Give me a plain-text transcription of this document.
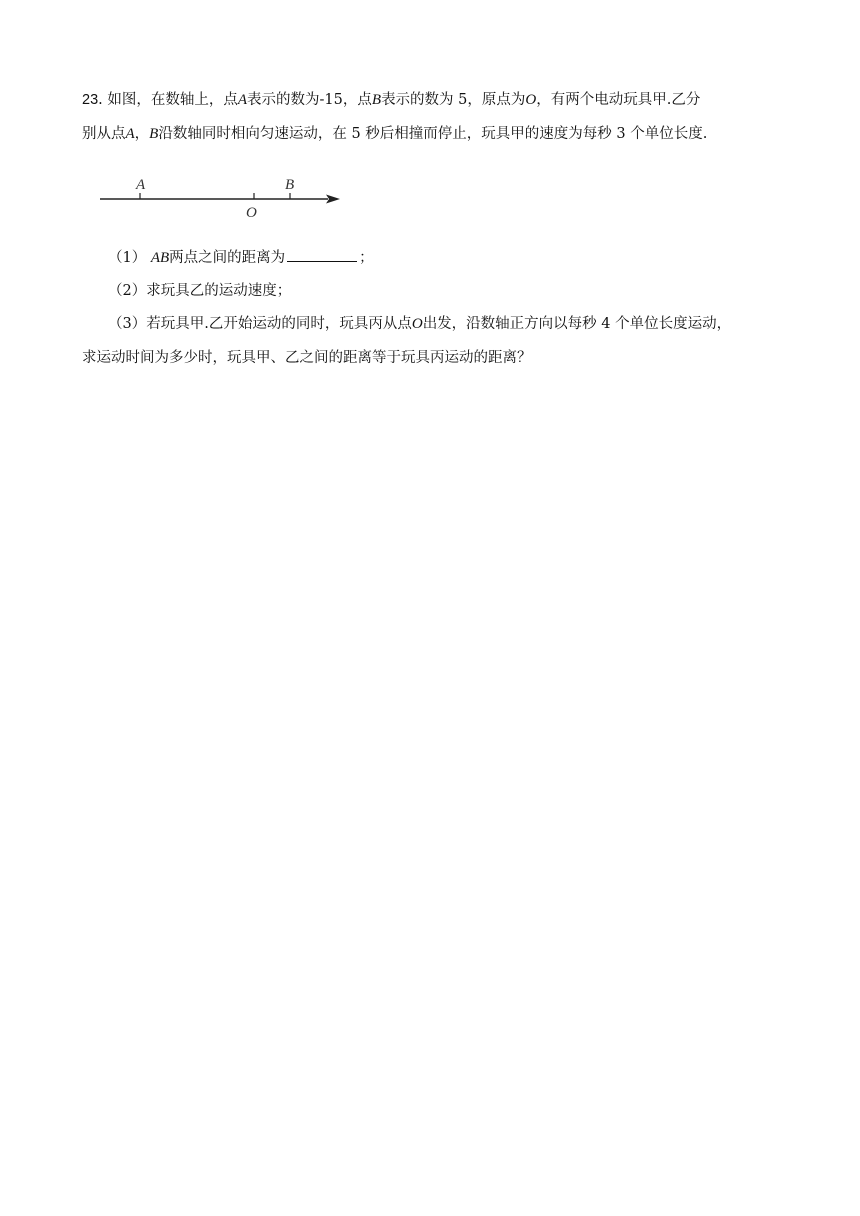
23. 如图，在数轴上，点A表示的数为-15，点B表示的数为 5，原点为O，有两个电动玩具甲.乙分
别从点A，B沿数轴同时相向匀速运动，在 5 秒后相撞而停止，玩具甲的速度为每秒 3 个单位长度.
A	B
O
（1） AB两点之间的距离为	；
（2）求玩具乙的运动速度；
（3）若玩具甲.乙开始运动的同时，玩具丙从点O出发，沿数轴正方向以每秒 4 个单位长度运动，
求运动时间为多少时，玩具甲、乙之间的距离等于玩具丙运动的距离？
